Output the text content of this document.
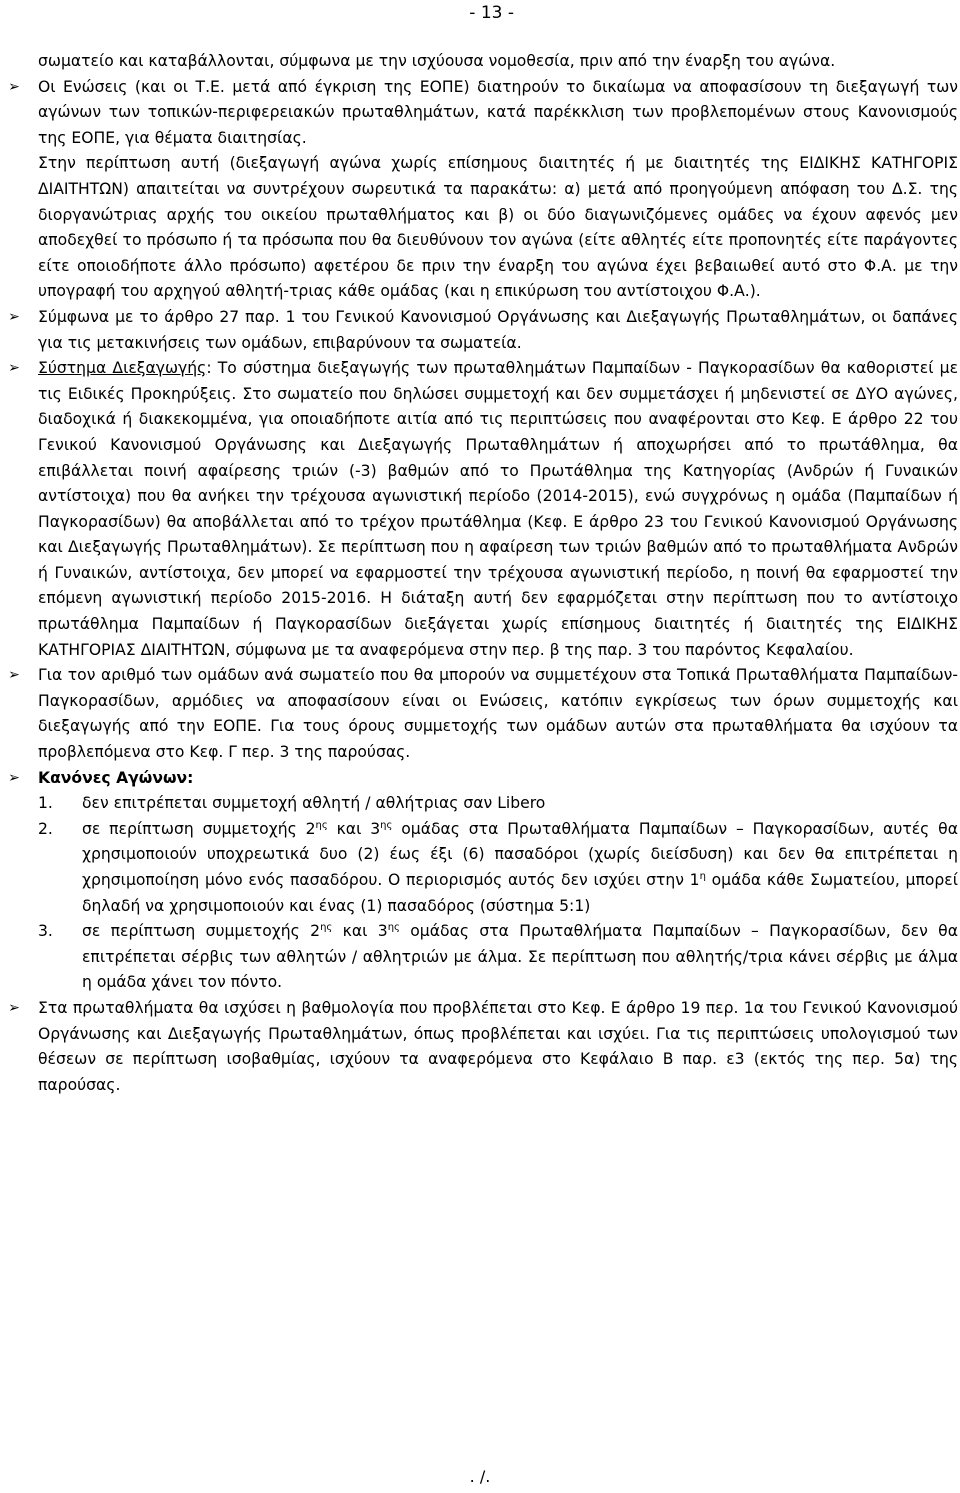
- 13 -

σωματείο και καταβάλλονται, σύμφωνα με την ισχύουσα νομοθεσία, πριν από την έναρξη του αγώνα.

➢ Οι Ενώσεις (και οι Τ.Ε. μετά από έγκριση της ΕΟΠΕ) διατηρούν το δικαίωμα να αποφασίσουν τη διεξαγωγή των αγώνων των τοπικών-περιφερειακών πρωταθλημάτων, κατά παρέκκλιση των προβλεπομένων στους Κανονισμούς της ΕΟΠΕ, για θέματα διαιτησίας.

Στην περίπτωση αυτή (διεξαγωγή αγώνα χωρίς επίσημους διαιτητές ή με διαιτητές της ΕΙΔΙΚΗΣ ΚΑΤΗΓΟΡΙΣ ΔΙΑΙΤΗΤΩΝ) απαιτείται να συντρέχουν σωρευτικά τα παρακάτω: α) μετά από προηγούμενη απόφαση του Δ.Σ. της διοργανώτριας αρχής του οικείου πρωταθλήματος και β) οι δύο διαγωνιζόμενες ομάδες να έχουν αφενός μεν αποδεχθεί το πρόσωπο ή τα πρόσωπα που θα διευθύνουν τον αγώνα (είτε αθλητές είτε προπονητές είτε παράγοντες είτε οποιοδήποτε άλλο πρόσωπο) αφετέρου δε πριν την έναρξη του αγώνα έχει βεβαιωθεί αυτό στο Φ.Α. με την υπογραφή του αρχηγού αθλητή-τριας κάθε ομάδας (και η επικύρωση του αντίστοιχου Φ.Α.).

➢ Σύμφωνα με το άρθρο 27 παρ. 1 του Γενικού Κανονισμού Οργάνωσης και Διεξαγωγής Πρωταθλημάτων, οι δαπάνες για τις μετακινήσεις των ομάδων, επιβαρύνουν τα σωματεία.

➢ Σύστημα Διεξαγωγής: Το σύστημα διεξαγωγής των πρωταθλημάτων Παμπαίδων - Παγκορασίδων θα καθοριστεί με τις Ειδικές Προκηρύξεις. Στο σωματείο που δηλώσει συμμετοχή και δεν συμμετάσχει ή μηδενιστεί σε ΔΥΟ αγώνες, διαδοχικά ή διακεκομμένα, για οποιαδήποτε αιτία από τις περιπτώσεις που αναφέρονται στο Κεφ. Ε άρθρο 22 του Γενικού Κανονισμού Οργάνωσης και Διεξαγωγής Πρωταθλημάτων ή αποχωρήσει από το πρωτάθλημα, θα επιβάλλεται ποινή αφαίρεσης τριών (-3) βαθμών από το Πρωτάθλημα της Κατηγορίας (Ανδρών ή Γυναικών αντίστοιχα) που θα ανήκει την τρέχουσα αγωνιστική περίοδο (2014-2015), ενώ συγχρόνως η ομάδα (Παμπαίδων ή Παγκορασίδων) θα αποβάλλεται από το τρέχον πρωτάθλημα (Κεφ. Ε άρθρο 23 του Γενικού Κανονισμού Οργάνωσης και Διεξαγωγής Πρωταθλημάτων). Σε περίπτωση που η αφαίρεση των τριών βαθμών από το πρωταθλήματα Ανδρών ή Γυναικών, αντίστοιχα, δεν μπορεί να εφαρμοστεί την τρέχουσα αγωνιστική περίοδο, η ποινή θα εφαρμοστεί την επόμενη αγωνιστική περίοδο 2015-2016. Η διάταξη αυτή δεν εφαρμόζεται στην περίπτωση που το αντίστοιχο πρωτάθλημα Παμπαίδων ή Παγκορασίδων διεξάγεται χωρίς επίσημους διαιτητές ή διαιτητές της ΕΙΔΙΚΗΣ ΚΑΤΗΓΟΡΙΑΣ ΔΙΑΙΤΗΤΩΝ, σύμφωνα με τα αναφερόμενα στην περ. β της παρ. 3 του παρόντος Κεφαλαίου.

➢ Για τον αριθμό των ομάδων ανά σωματείο που θα μπορούν να συμμετέχουν στα Τοπικά Πρωταθλήματα Παμπαίδων-Παγκορασίδων, αρμόδιες να αποφασίσουν είναι οι Ενώσεις, κατόπιν εγκρίσεως των όρων συμμετοχής και διεξαγωγής από την ΕΟΠΕ. Για τους όρους συμμετοχής των ομάδων αυτών στα πρωταθλήματα θα ισχύουν τα προβλεπόμενα στο Κεφ. Γ περ. 3 της παρούσας.

➢ Κανόνες Αγώνων:

1. δεν επιτρέπεται συμμετοχή αθλητή / αθλήτριας σαν Libero

2. σε περίπτωση συμμετοχής $2^{\eta\varsigma}$ και $3^{\eta\varsigma}$ ομάδας στα Πρωταθλήματα Παμπαίδων – Παγκορασίδων, αυτές θα χρησιμοποιούν υποχρεωτικά δυο (2) έως έξι (6) πασαδόροι (χωρίς διείσδυση) και δεν θα επιτρέπεται η χρησιμοποίηση μόνο ενός πασαδόρου. Ο περιορισμός αυτός δεν ισχύει στην $1^\eta$ ομάδα κάθε Σωματείου, μπορεί δηλαδή να χρησιμοποιούν και ένας (1) πασαδόρος (σύστημα 5:1)

3. σε περίπτωση συμμετοχής $2^{\eta\varsigma}$ και $3^{\eta\varsigma}$ ομάδας στα Πρωταθλήματα Παμπαίδων – Παγκορασίδων, δεν θα επιτρέπεται σέρβις των αθλητών / αθλητριών με άλμα. Σε περίπτωση που αθλητής/τρια κάνει σέρβις με άλμα η ομάδα χάνει τον πόντο.

➢ Στα πρωταθλήματα θα ισχύσει η βαθμολογία που προβλέπεται στο Κεφ. Ε άρθρο 19 περ. 1α του Γενικού Κανονισμού Οργάνωσης και Διεξαγωγής Πρωταθλημάτων, όπως προβλέπεται και ισχύει. Για τις περιπτώσεις υπολογισμού των θέσεων σε περίπτωση ισοβαθμίας, ισχύουν τα αναφερόμενα στο Κεφάλαιο Β παρ. ε3 (εκτός της περ. 5α) της παρούσας.

. /.
